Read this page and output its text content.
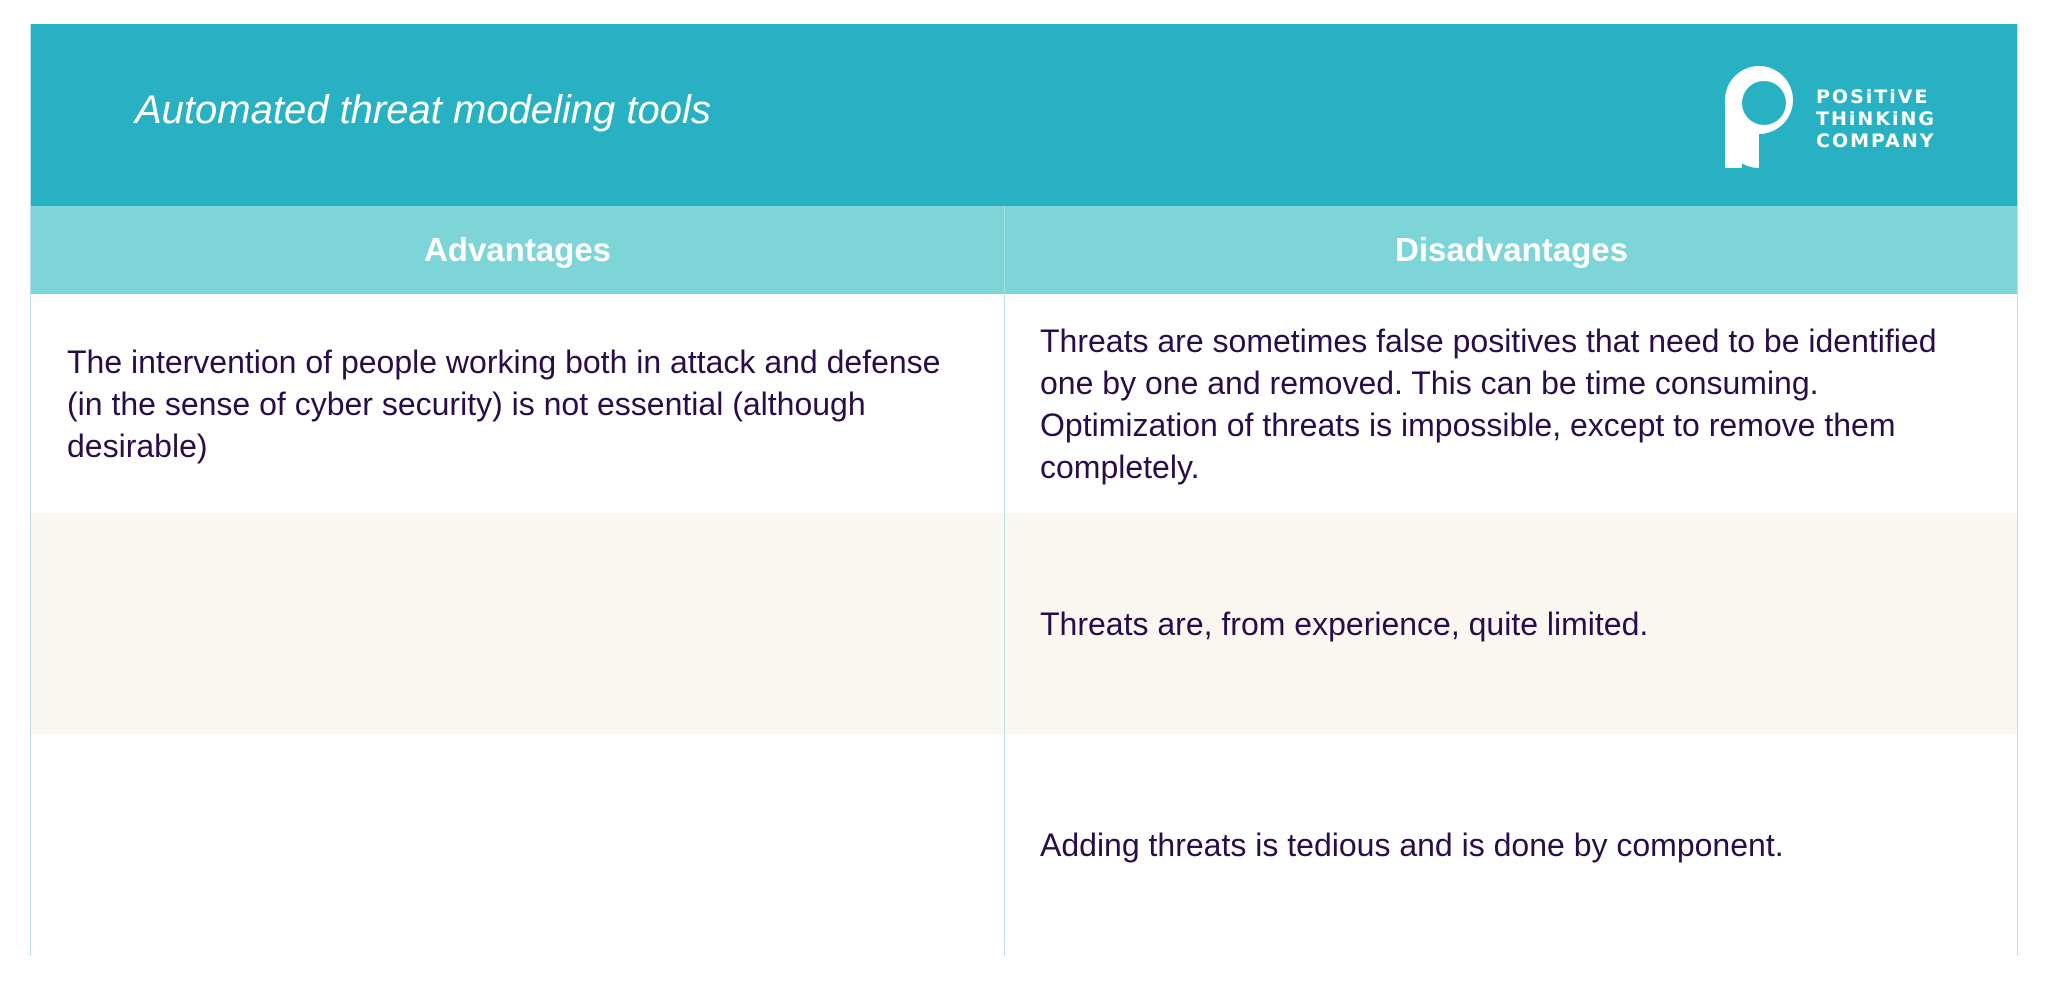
Automated threat modeling tools	POSiTiVE
THiNKiNG
COMPANY
Advantages	Disadvantages
The intervention of people working both in attack and defense (in the sense of cyber security) is not essential (although desirable)
Threats are sometimes false positives that need to be identified one by one and removed. This can be time consuming. Optimization of threats is impossible, except to remove them completely.
Threats are, from experience, quite limited.
Adding threats is tedious and is done by component.
